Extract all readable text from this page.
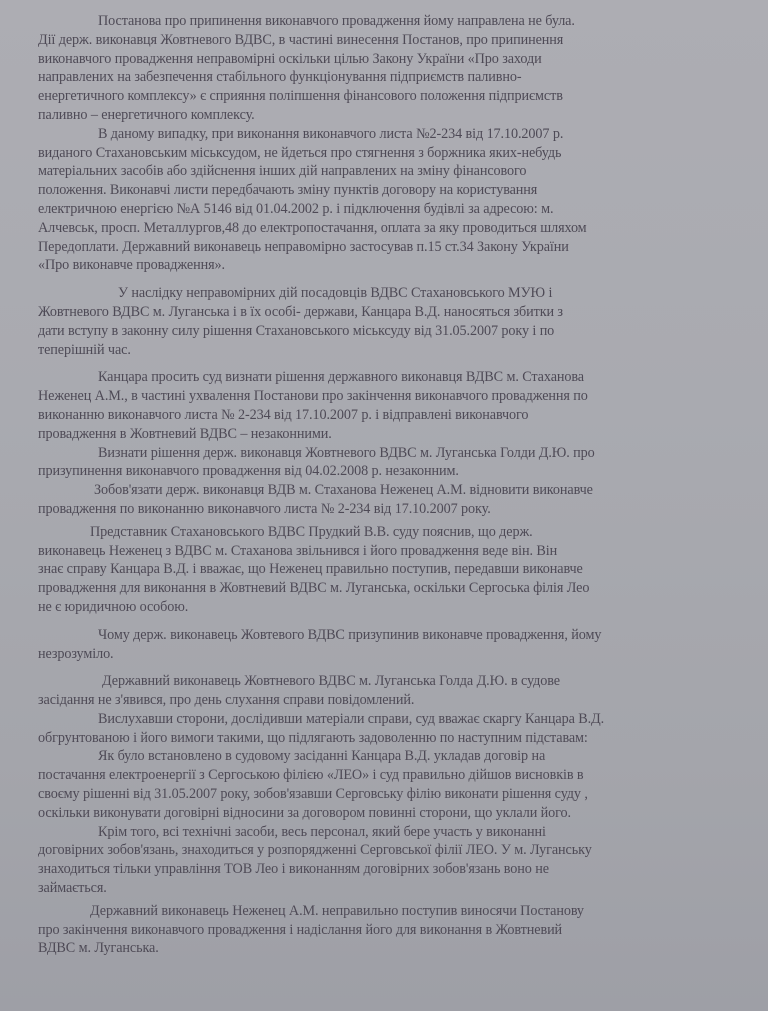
Постанова про припинення виконавчого провадження йому направлена не була.
Дії держ. виконавця Жовтневого ВДВС, в частині винесення Постанов, про припинення
виконавчого провадження неправомірні оскільки цілью Закону України «Про заходи
направлених на забезпечення стабільного функціонування підприємств паливно-
енергетичного комплексу» є сприяння поліпшення фінансового положення підприємств
паливно – енергетичного комплексу.

В даному випадку, при виконання виконавчого листа №2-234 від 17.10.2007 р.
виданого Стахановським міськсудом, не йдеться про стягнення з боржника яких-небудь
матеріальних засобів або здійснення інших дій направлених на зміну фінансового
положення. Виконавчі листи передбачають зміну пунктів договору на користування
електричною енергією №А 5146 від 01.04.2002 р. і підключення будівлі за адресою: м.
Алчевськ, просп. Металлургов,48 до електропостачання, оплата за яку проводиться шляхом
Передоплати. Державний виконавець неправомірно застосував п.15 ст.34 Закону України
«Про виконавче провадження».

У наслідку неправомірних дій посадовців ВДВС Стахановського МУЮ і
Жовтневого ВДВС м. Луганська і в їх особі- держави, Канцара В.Д. наносяться збитки з
дати вступу в законну силу рішення Стахановського міськсуду від 31.05.2007 року і по
теперішній час.

Канцара просить суд визнати рішення державного виконавця ВДВС м. Стаханова
Неженец А.М., в частині ухвалення Постанови про закінчення виконавчого провадження по
виконанню виконавчого листа № 2-234 від 17.10.2007 р. і відправлені виконавчого
провадження в Жовтневий ВДВС – незаконними.

Визнати рішення держ. виконавця Жовтневого ВДВС м. Луганська Голди Д.Ю. про
призупинення виконавчого провадження від 04.02.2008 р. незаконним.

Зобов'язати держ. виконавця ВДВ м. Стаханова Неженец А.М. відновити виконавче
провадження по виконанню виконавчого листа № 2-234 від 17.10.2007 року.

Представник Стахановського ВДВС Прудкий В.В. суду пояснив, що держ.
виконавець Неженец з ВДВС м. Стаханова звільнився і його провадження веде він. Він
знає справу Канцара В.Д. і вважає, що Неженец правильно поступив, передавши виконавче
провадження для виконання в Жовтневий ВДВС м. Луганська, оскільки Сергоська філія Лео
не є юридичною особою.

Чому держ. виконавець Жовтевого ВДВС призупинив виконавче провадження, йому
незрозуміло.

Державний виконавець Жовтневого ВДВС м. Луганська Голда Д.Ю. в судове
засідання не з'явився, про день слухання справи повідомлений.

Вислухавши сторони, дослідивши матеріали справи, суд вважає скаргу Канцара В.Д.
обгрунтованою і його вимоги такими, що підлягають задоволенню по наступним підставам:

Як було встановлено в судовому засіданні Канцара В.Д. укладав договір на
постачання електроенергії з Сергоською філією «ЛЕО» і суд правильно дійшов висновків в
своєму рішенні від 31.05.2007 року, зобов'язавши Серговську філію виконати рішення суду ,
оскільки виконувати договірні відносини за договором повинні сторони, що уклали його.

Крім того, всі технічні засоби, весь персонал, який бере участь у виконанні
договірних зобов'язань, знаходиться у розпорядженні Серговської філії ЛЕО. У м. Луганську
знаходиться тільки управління ТОВ Лео і виконанням договірних зобов'язань воно не
займається.

Державний виконавець Неженец А.М. неправильно поступив виносячи Постанову
про закінчення виконавчого провадження і надіслання його для виконання в Жовтневий
ВДВС м. Луганська.
